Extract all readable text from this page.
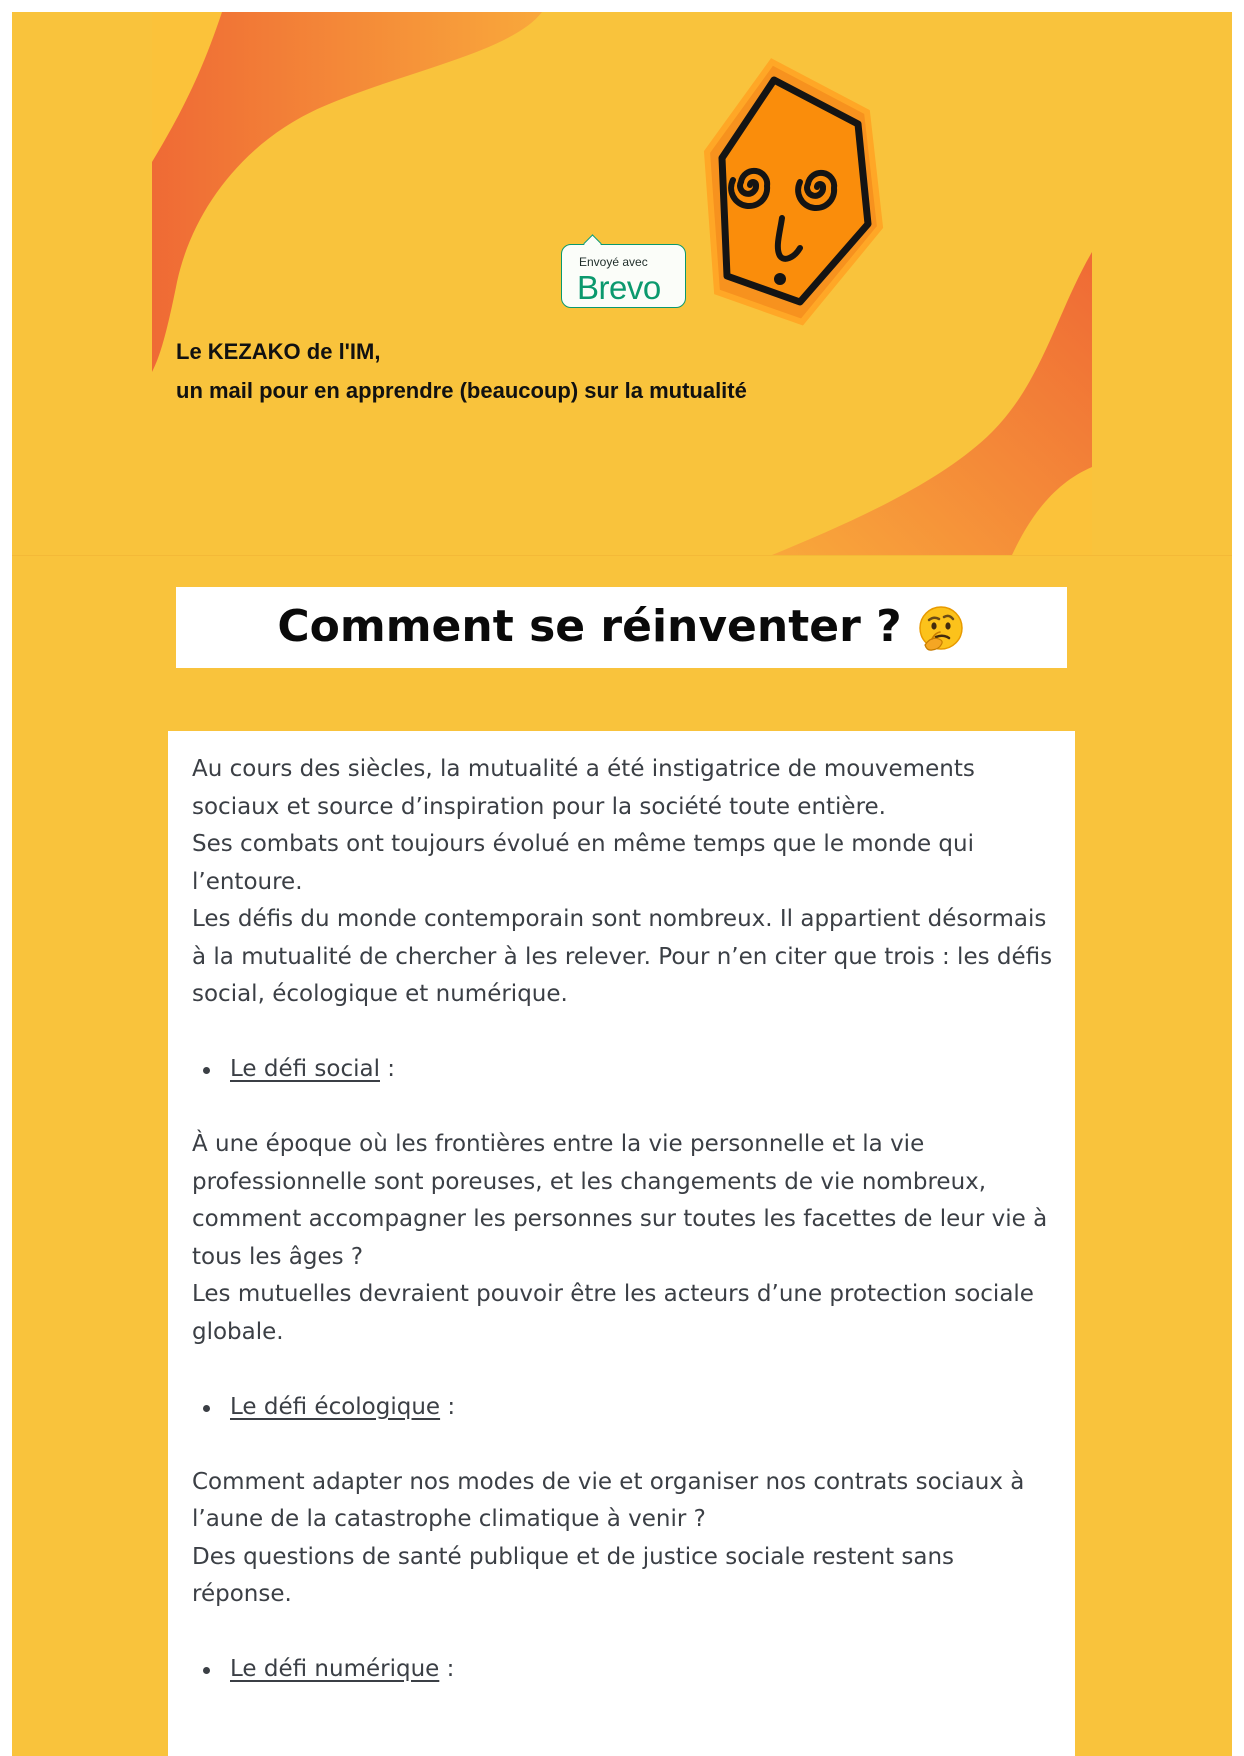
Envoyé avec
Brevo
Le KEZAKO de l'IM,
un mail pour en apprendre (beaucoup) sur la mutualité
Comment se réinventer ?

Au cours des siècles, la mutualité a été instigatrice de mouvements sociaux et source d’inspiration pour la société toute entière.

Ses combats ont toujours évolué en même temps que le monde qui l’entoure.

Les défis du monde contemporain sont nombreux. Il appartient désormais à la mutualité de chercher à les relever. Pour n’en citer que trois : les défis social, écologique et numérique.

Le défi social :

À une époque où les frontières entre la vie personnelle et la vie professionnelle sont poreuses, et les changements de vie nombreux, comment accompagner les personnes sur toutes les facettes de leur vie à tous les âges ?

Les mutuelles devraient pouvoir être les acteurs d’une protection sociale globale.

Le défi écologique :

Comment adapter nos modes de vie et organiser nos contrats sociaux à l’aune de la catastrophe climatique à venir ?

Des questions de santé publique et de justice sociale restent sans réponse.

Le défi numérique :
